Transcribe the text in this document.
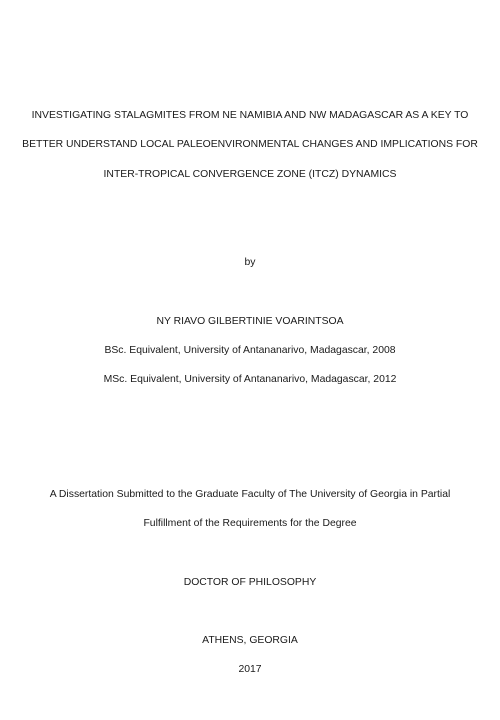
INVESTIGATING STALAGMITES FROM NE NAMIBIA AND NW MADAGASCAR AS A KEY TO
BETTER UNDERSTAND LOCAL PALEOENVIRONMENTAL CHANGES AND IMPLICATIONS FOR
INTER-TROPICAL CONVERGENCE ZONE (ITCZ) DYNAMICS
by
NY RIAVO GILBERTINIE VOARINTSOA
BSc. Equivalent, University of Antananarivo, Madagascar, 2008
MSc. Equivalent, University of Antananarivo, Madagascar, 2012
A Dissertation Submitted to the Graduate Faculty of The University of Georgia in Partial
Fulfillment of the Requirements for the Degree
DOCTOR OF PHILOSOPHY
ATHENS, GEORGIA
2017
